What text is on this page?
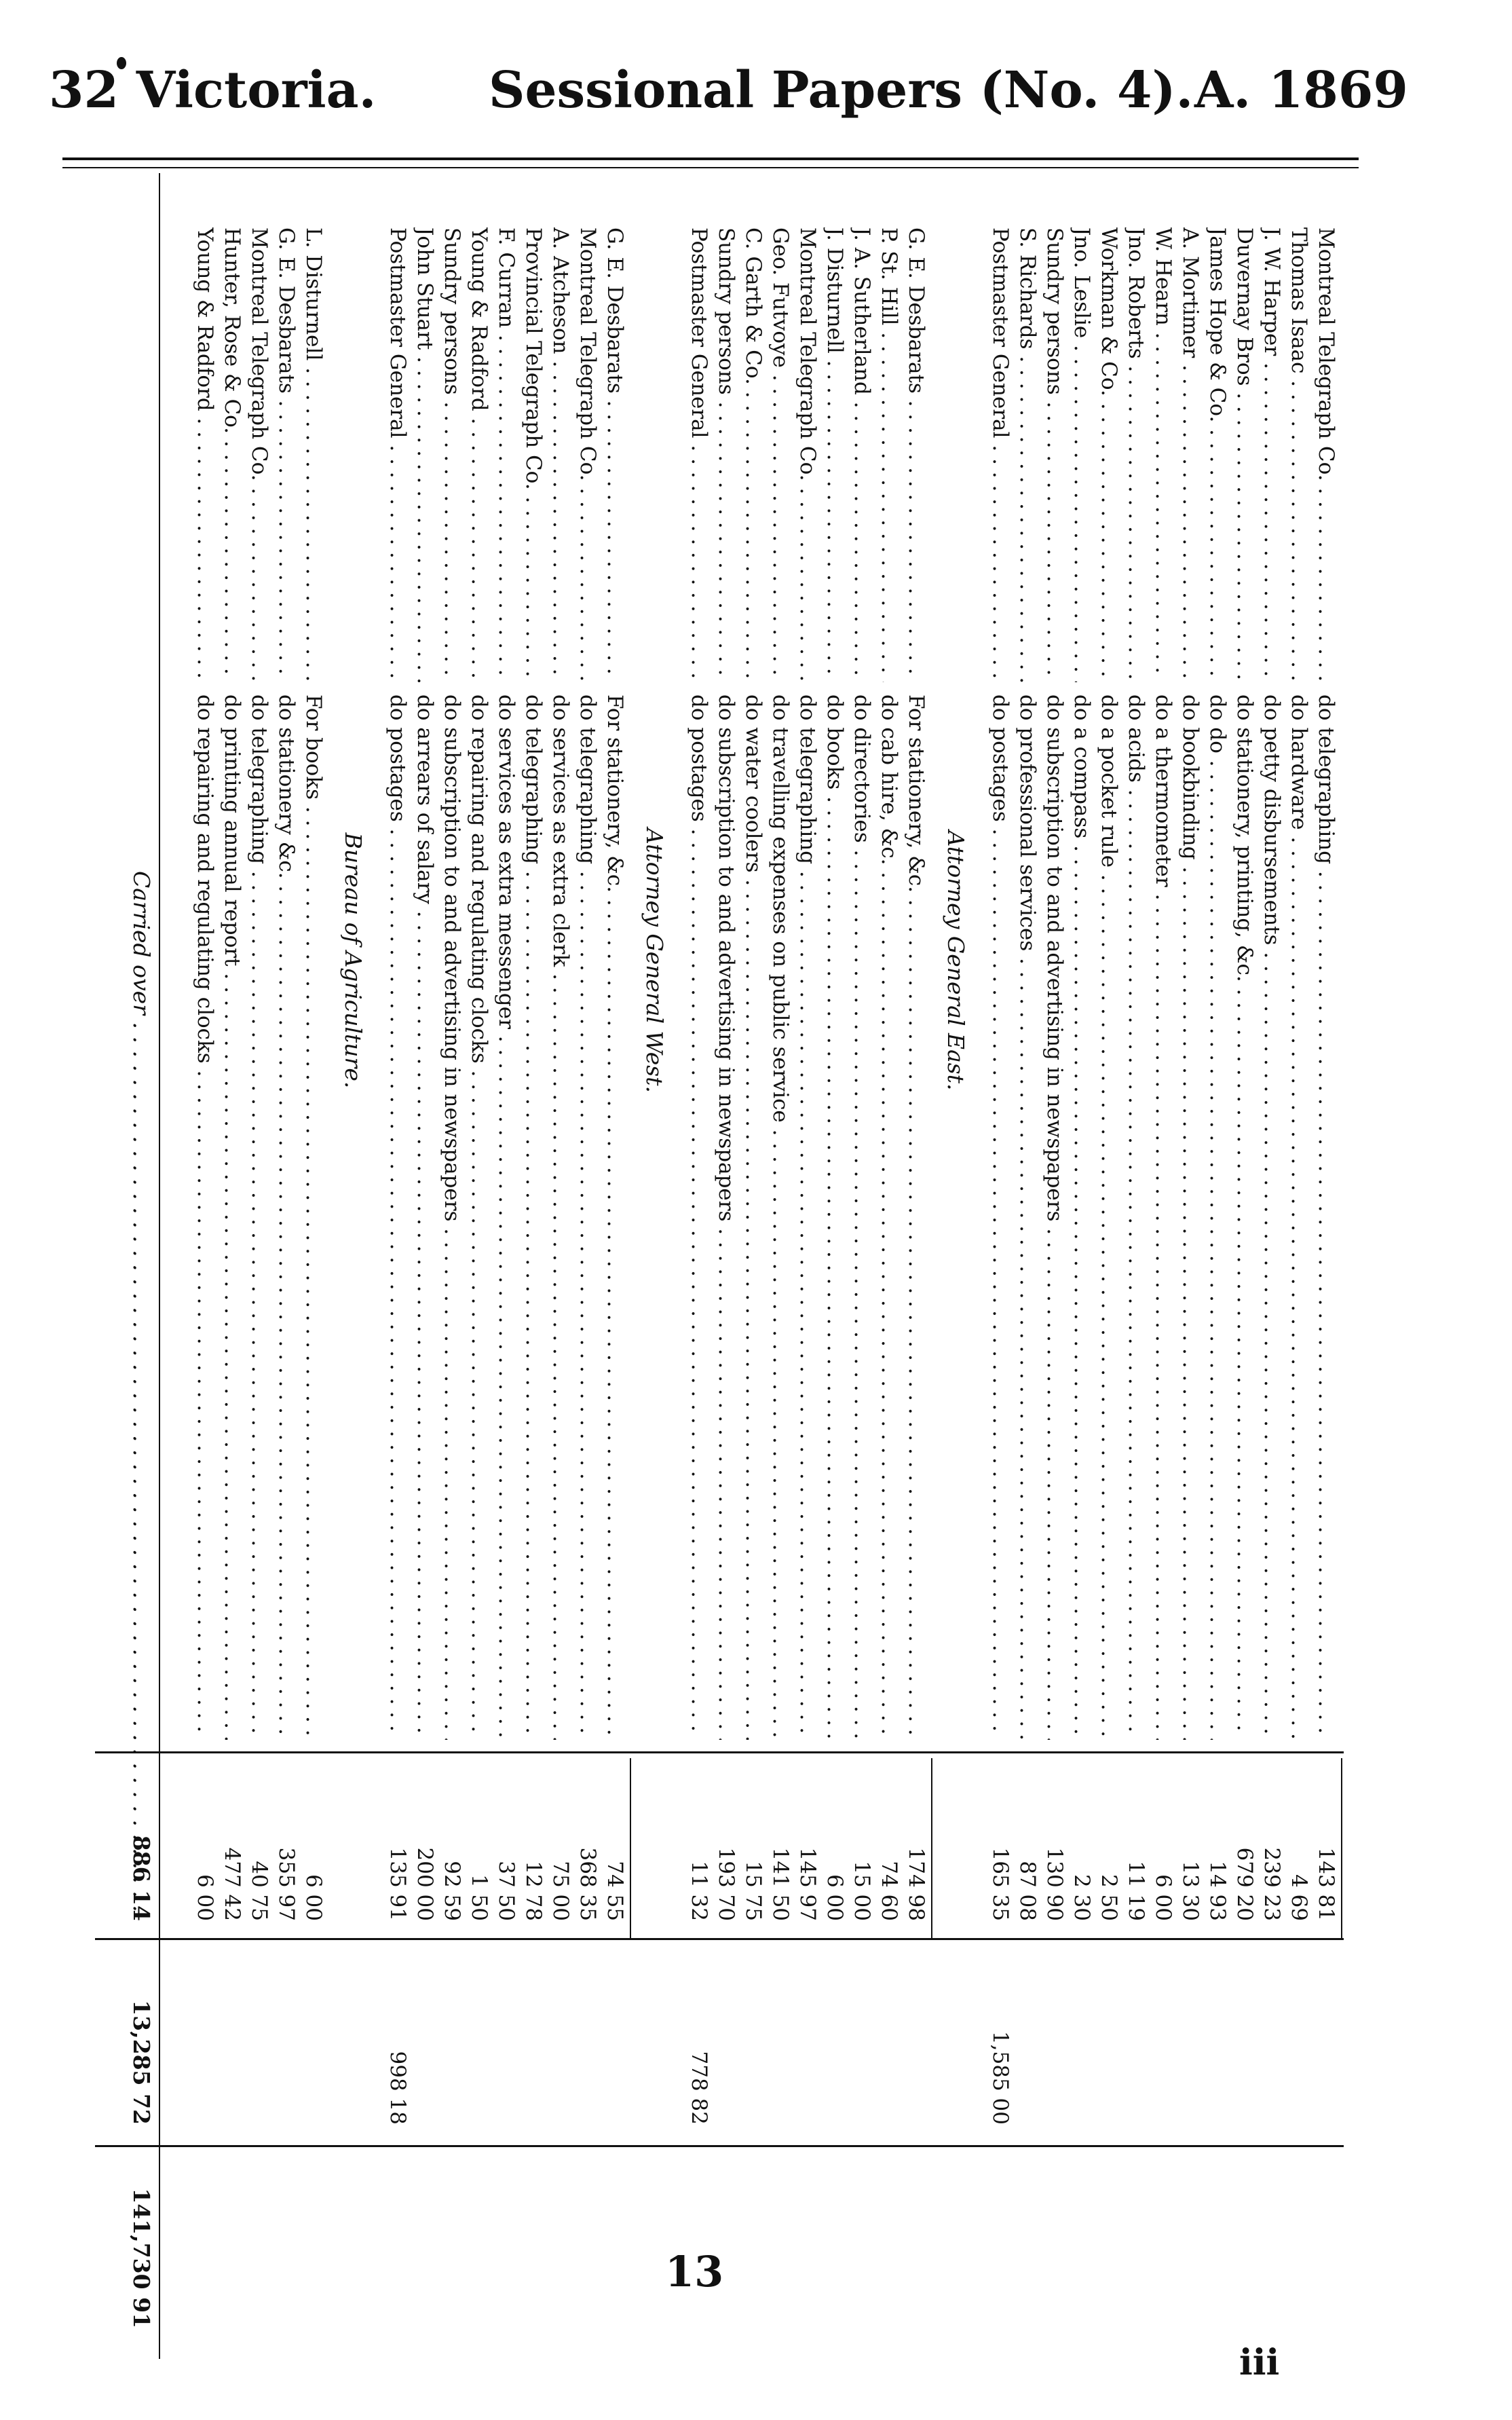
32 Victoria. Sessional Papers (No. 4). A. 1869
Montreal Telegraph Co. . . .
do telegraphing . . .
143 81
Thomas Isaac . . .
do hardware . . .
4 69
J. W. Harper . . .
do petty disbursements . . .
239 23
Duvernay Bros . . .
do stationery, printing, &c. . . .
679 20
James Hope & Co. . . .
do do . . .
14 93
A. Mortimer . . .
do bookbinding . . .
13 30
W. Hearn . . .
do a thermometer . . .
6 00
Jno. Roberts . . .
do acids . . .
11 19
Workman & Co. . . .
do a pocket rule . . .
2 50
Jno. Leslie . . .
do a compass . . .
2 30
Sundry persons . . .
do subscription to and advertising in newspapers . . .
130 90
S. Richards . . .
do professional services . . .
87 08
Postmaster General . . .
do postages . . .
165 35
1,585 00
Attorney General East.
G. E. Desbarats . . .
For stationery, &c. . . .
174 98
P. St. Hill . . .
do cab hire, &c. . . .
74 60
J. A. Sutherland . . .
do directories . . .
15 00
J. Disturnell . . .
do books . . .
6 00
Montreal Telegraph Co. . . .
do telegraphing . . .
145 97
Geo. Futvoye . . .
do travelling expenses on public service . . .
141 50
C. Garth & Co. . . .
do water coolers . . .
15 75
Sundry persons . . .
do subscription to and advertising in newspapers . . .
193 70
Postmaster General . . .
do postages . . .
11 32
778 82
Attorney General West.
G. E. Desbarats . . .
For stationery, &c. . . .
74 55
Montreal Telegraph Co. . . .
do telegraphing . . .
368 35
A. Atcheson . . .
do services as extra clerk . . .
75 00
Provincial Telegraph Co. . . .
do telegraphing . . .
12 78
F. Curran . . .
do services as extra messenger . . .
37 50
Young & Radford . . .
do repairing and regulating clocks . . .
1 50
Sundry persons . . .
do subscription to and advertising in newspapers . . .
92 59
John Stuart . . .
do arrears of salary . . .
200 00
Postmaster General . . .
do postages . . .
135 91
998 18
Bureau of Agriculture.
L. Disturnell . . .
For books . . .
6 00
G. E. Desbarats . . .
do stationery &c. . . .
355 97
Montreal Telegraph Co. . . .
do telegraphing . . .
40 75
Hunter, Rose & Co. . . .
do printing annual report . . .
477 42
Young & Radford . . .
do repairing and regulating clocks . . .
6 00
Carried over . . .
886 14
13,285 72
141,730 91	13
iii
